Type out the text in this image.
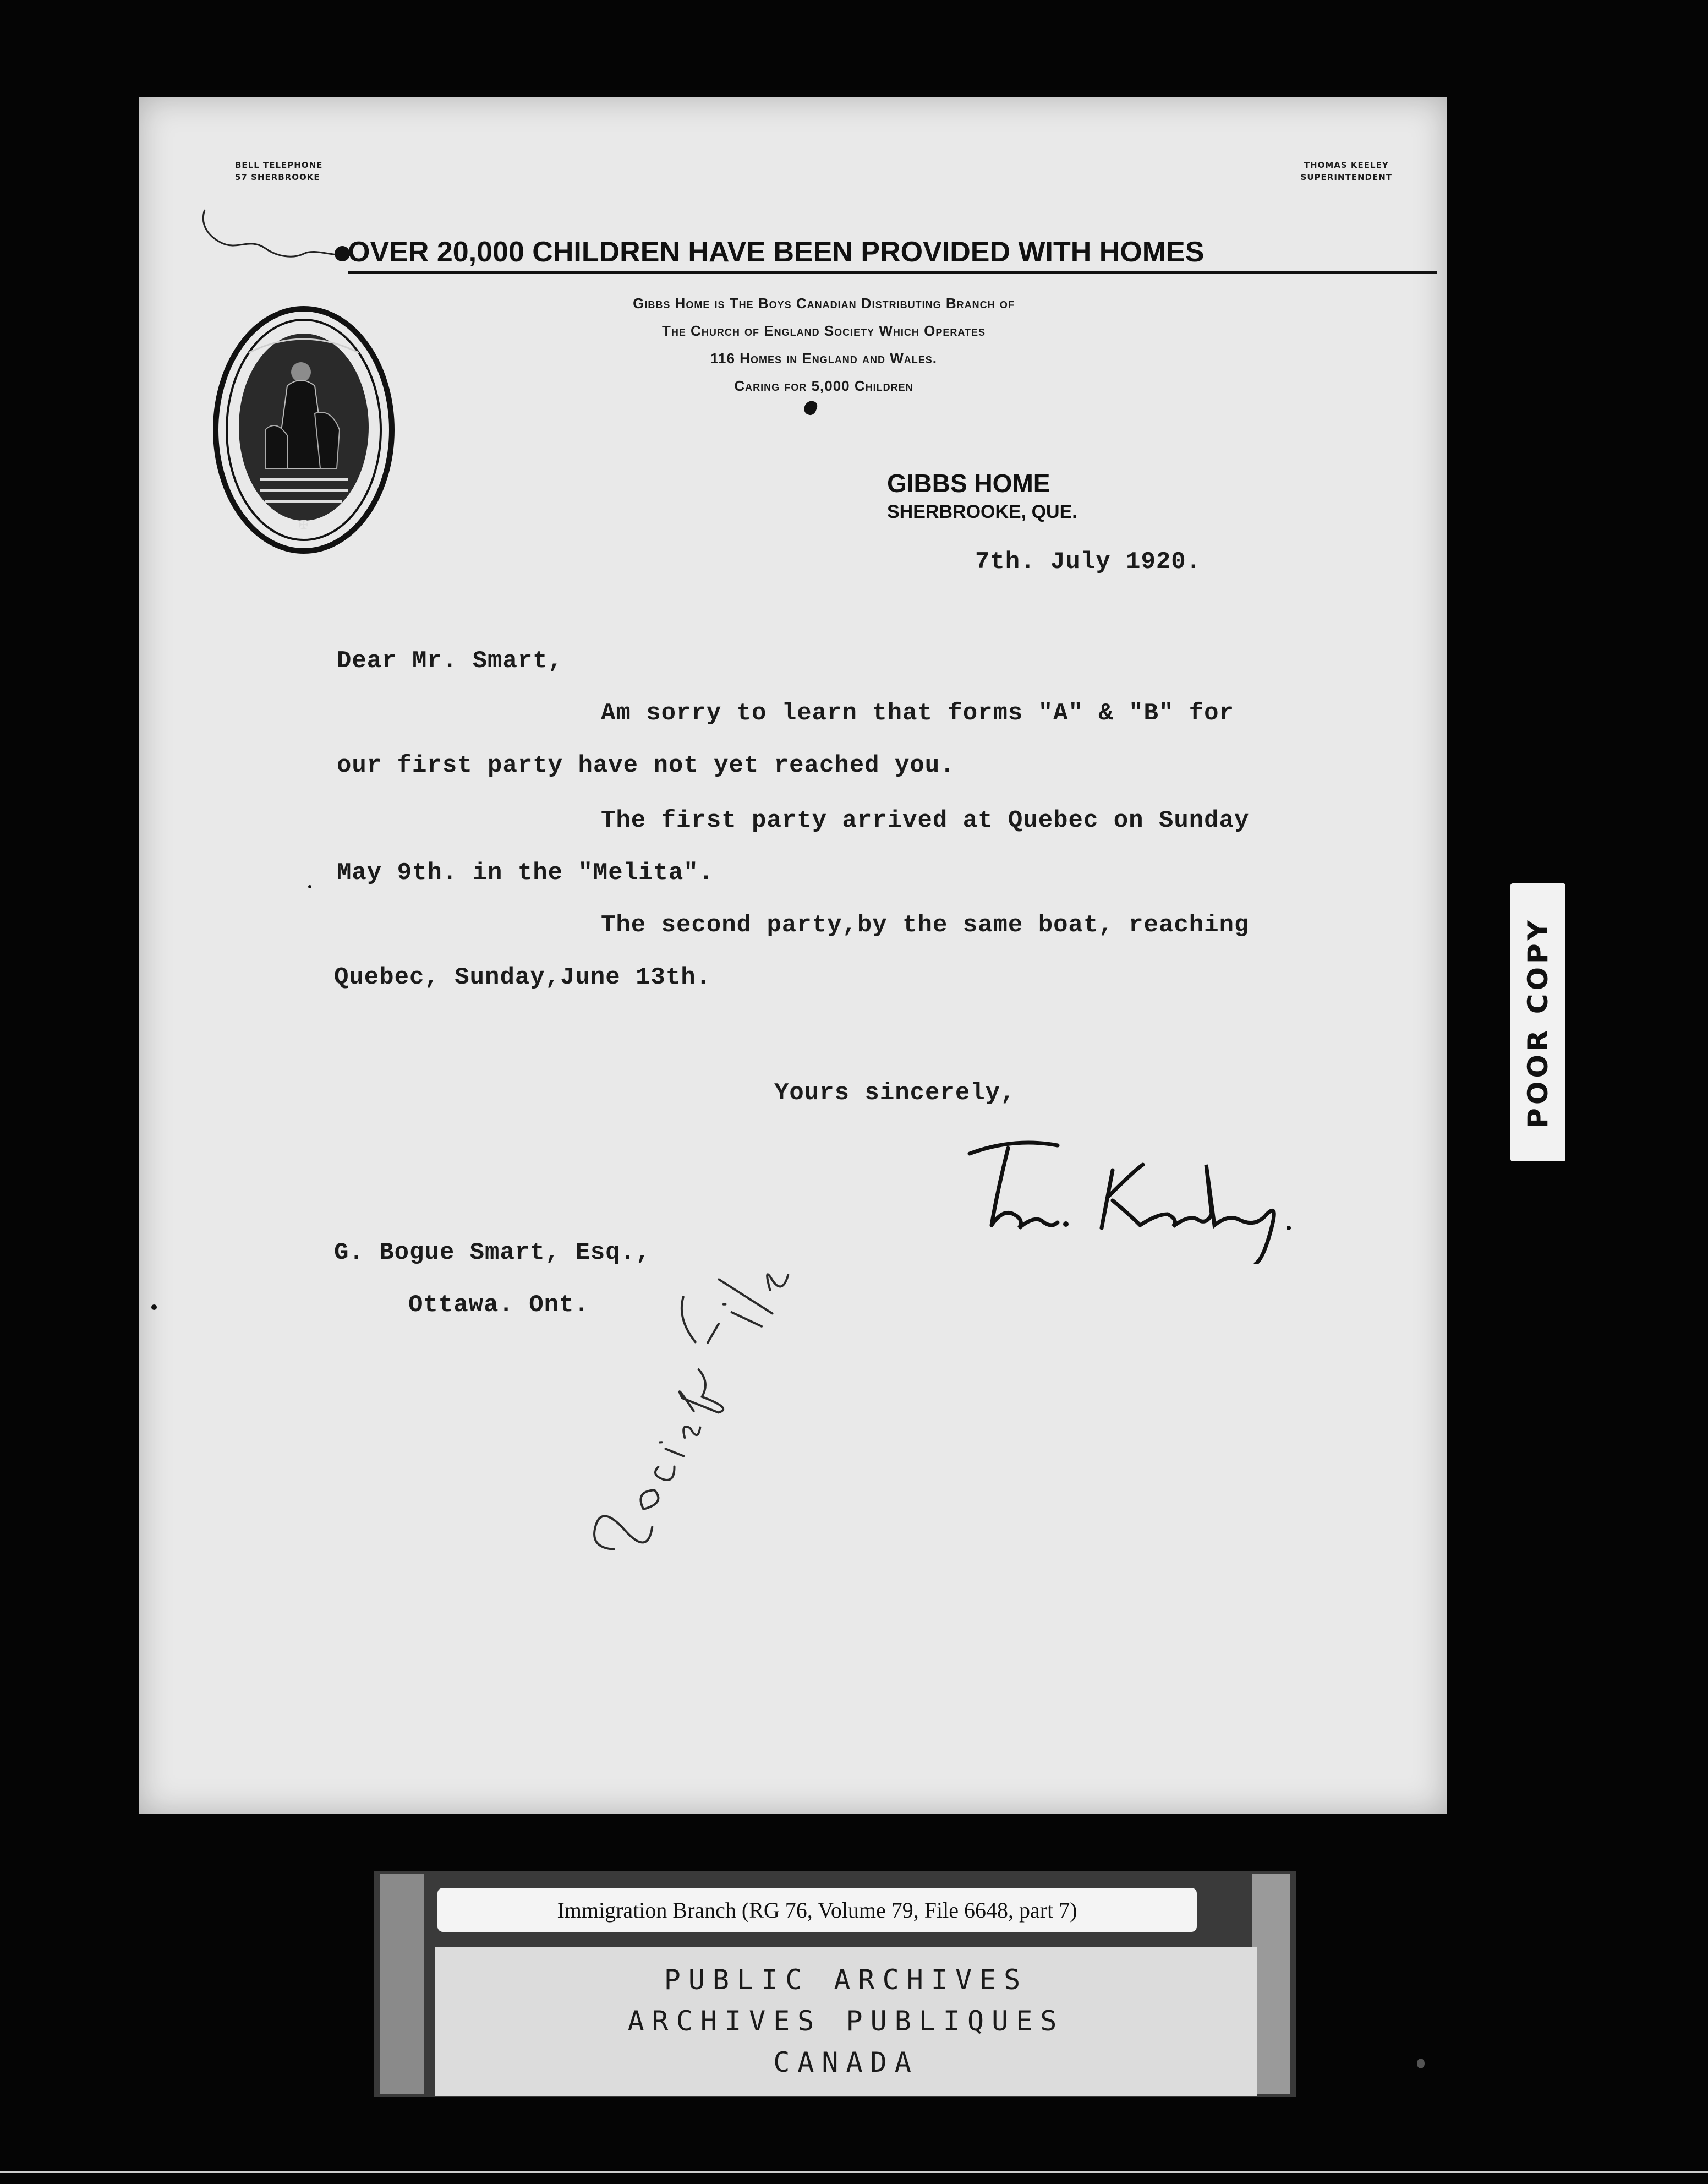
BELL TELEPHONE
57 SHERBROOKE
THOMAS KEELEY
SUPERINTENDENT
OVER 20,000 CHILDREN HAVE BEEN PROVIDED WITH HOMES
Gibbs Home is The Boys Canadian Distributing Branch of
The Church of England Society Which Operates
116 Homes in England and Wales.
Caring for 5,000 Children
✠
GIBBS HOME
SHERBROOKE, QUE.
7th. July 1920.
Dear Mr. Smart,
Am sorry to learn that forms "A" & "B" for
our first party have not yet reached you.
The first party arrived at Quebec on Sunday
May 9th. in the "Melita".
The second party,by the same boat, reaching
Quebec, Sunday,June 13th.
Yours sincerely,
G. Bogue Smart, Esq.,
Ottawa. Ont.
POOR COPY
Immigration Branch (RG 76, Volume 79, File 6648, part 7)
PUBLIC ARCHIVES
ARCHIVES PUBLIQUES
CANADA
